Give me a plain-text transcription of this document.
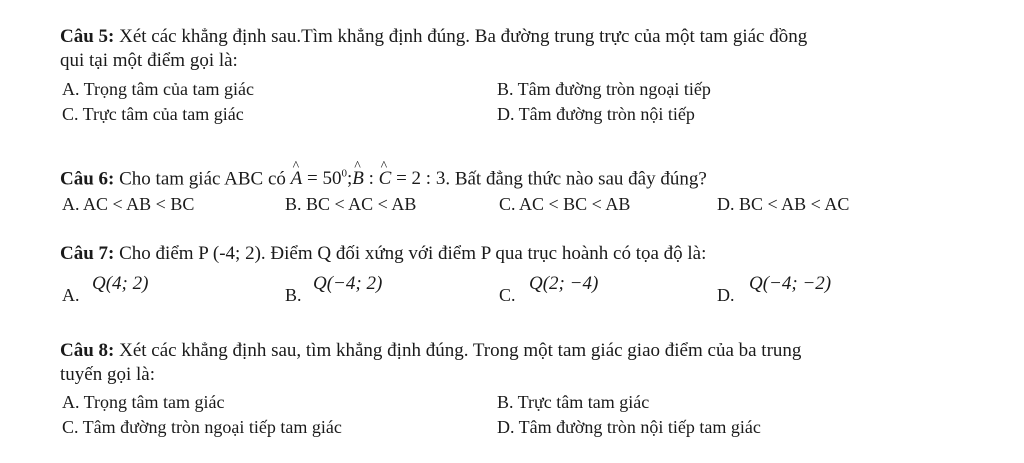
Câu 5: Xét các khẳng định sau.Tìm khẳng định đúng. Ba đường trung trực của một tam giác đồng
qui tại một điểm gọi là:
A. Trọng tâm của tam giác	B. Tâm đường tròn ngoại tiếp
C. Trực tâm của tam giác	D. Tâm đường tròn nội tiếp
Câu 6: Cho tam giác ABC có ^ $A = 50^0;\^{}$ B : ^ C = 2 : 3. Bất đẳng thức nào sau đây đúng?
A. AC < AB < BC	B. BC < AC < AB	C. AC < BC < AB	D. BC < AB < AC
Câu 7: Cho điểm P (-4; 2). Điểm Q đối xứng với điểm P qua trục hoành có tọa độ là:
A.
Q(4; 2)
B.
Q(−4; 2)
C.
Q(2; −4)
D.
Q(−4; −2)
Câu 8: Xét các khẳng định sau, tìm khẳng định đúng. Trong một tam giác giao điểm của ba trung
tuyến gọi là:
A. Trọng tâm tam giác	B. Trực tâm tam giác
C. Tâm đường tròn ngoại tiếp tam giác	D. Tâm đường tròn nội tiếp tam giác
